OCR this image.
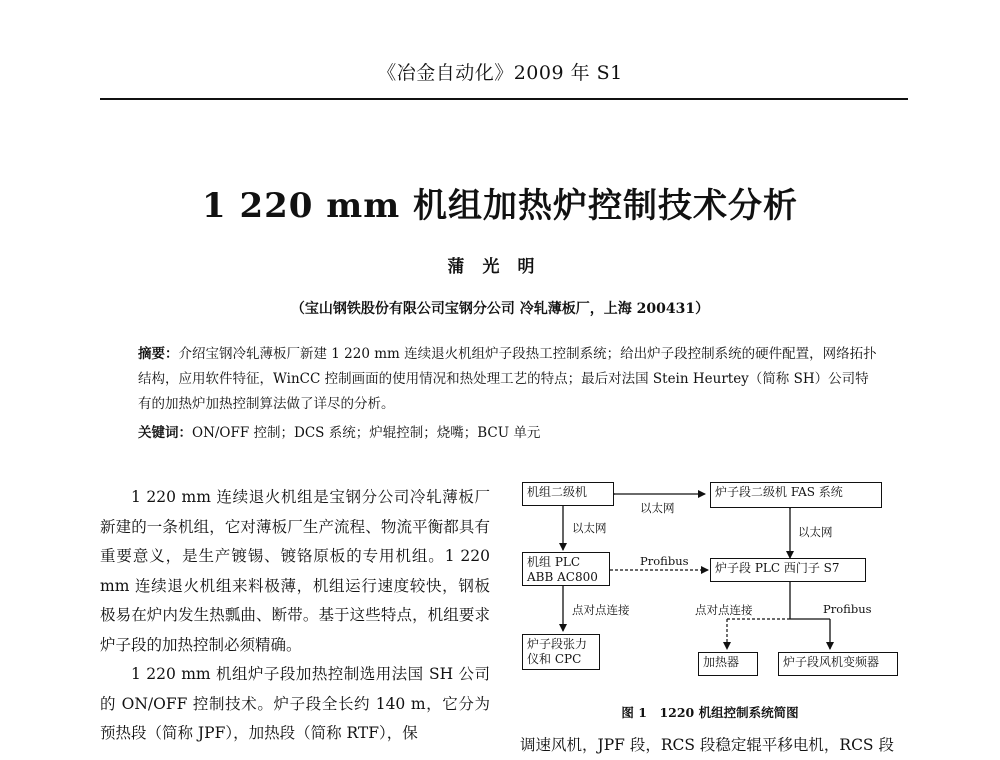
《冶金自动化》2009 年 S1
1 220 mm 机组加热炉控制技术分析
蒲光明
（宝山钢铁股份有限公司宝钢分公司 冷轧薄板厂，上海 200431）
摘要：介绍宝钢冷轧薄板厂新建 1 220 mm 连续退火机组炉子段热工控制系统；给出炉子段控制系统的硬件配置，网络拓扑结构，应用软件特征，WinCC 控制画面的使用情况和热处理工艺的特点；最后对法国 Stein Heurtey（简称 SH）公司特有的加热炉加热控制算法做了详尽的分析。
关键词：ON/OFF 控制；DCS 系统；炉辊控制；烧嘴；BCU 单元

1 220 mm 连续退火机组是宝钢分公司冷轧薄板厂新建的一条机组，它对薄板厂生产流程、物流平衡都具有重要意义，是生产镀锡、镀铬原板的专用机组。1 220 mm 连续退火机组来料极薄，机组运行速度较快，钢板极易在炉内发生热瓢曲、断带。基于这些特点，机组要求炉子段的加热控制必须精确。

1 220 mm 机组炉子段加热控制选用法国 SH 公司的 ON/OFF 控制技术。炉子段全长约 140 m，它分为预热段（简称 JPF），加热段（简称 RTF），保

机组二级机	炉子段二级机 FAS 系统
机组 PLC
ABB AC800
炉子段 PLC 西门子 S7
炉子段张力
仪和 CPC	加热器	炉子段风机变频器
以太网
以太网	以太网
Profibus
点对点连接	点对点连接	Profibus
图 1　1220 机组控制系统简图
调速风机，JPF 段，RCS 段稳定辊平移电机，RCS 段
